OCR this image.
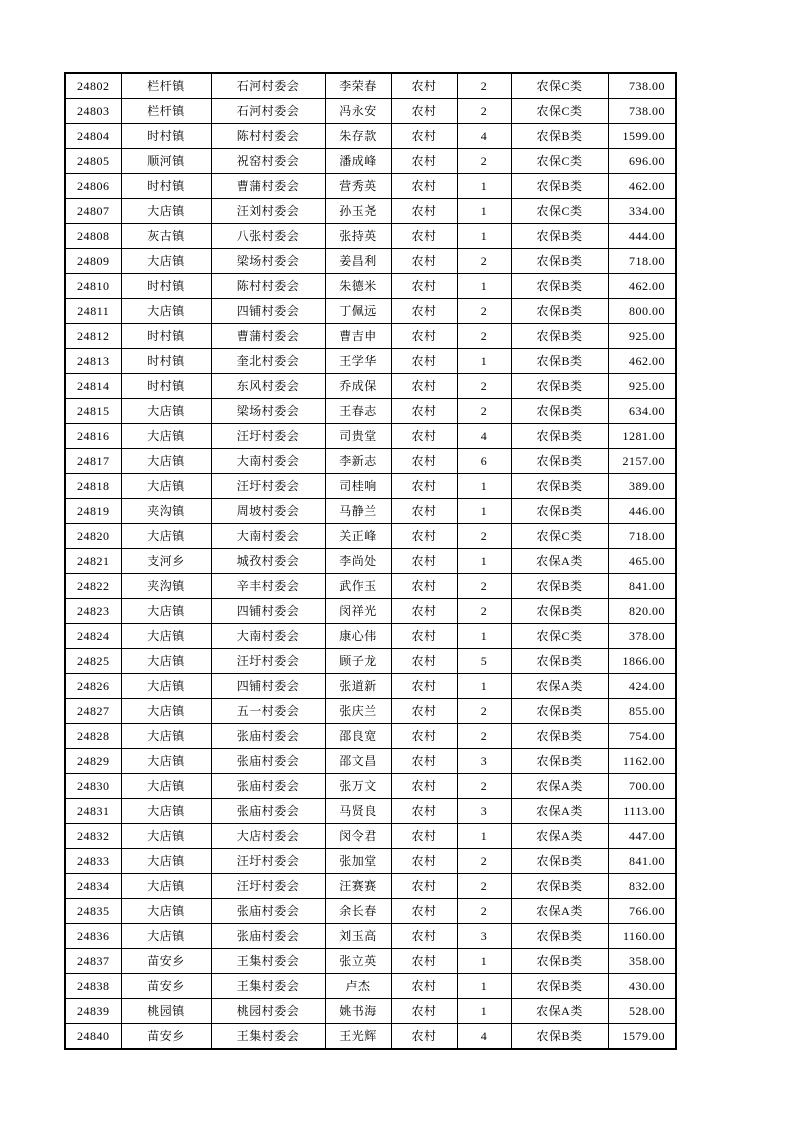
24802	栏杆镇	石河村委会	李荣春	农村	2	农保C类	738.00
24803	栏杆镇	石河村委会	冯永安	农村	2	农保C类	738.00
24804	时村镇	陈村村委会	朱存款	农村	4	农保B类	1599.00
24805	顺河镇	祝窑村委会	潘成峰	农村	2	农保C类	696.00
24806	时村镇	曹蒲村委会	营秀英	农村	1	农保B类	462.00
24807	大店镇	汪刘村委会	孙玉尧	农村	1	农保C类	334.00
24808	灰古镇	八张村委会	张持英	农村	1	农保B类	444.00
24809	大店镇	梁场村委会	姜昌利	农村	2	农保B类	718.00
24810	时村镇	陈村村委会	朱德米	农村	1	农保B类	462.00
24811	大店镇	四铺村委会	丁佩远	农村	2	农保B类	800.00
24812	时村镇	曹蒲村委会	曹吉申	农村	2	农保B类	925.00
24813	时村镇	奎北村委会	王学华	农村	1	农保B类	462.00
24814	时村镇	东风村委会	乔成保	农村	2	农保B类	925.00
24815	大店镇	梁场村委会	王春志	农村	2	农保B类	634.00
24816	大店镇	汪圩村委会	司贵堂	农村	4	农保B类	1281.00
24817	大店镇	大南村委会	李新志	农村	6	农保B类	2157.00
24818	大店镇	汪圩村委会	司桂响	农村	1	农保B类	389.00
24819	夹沟镇	周坡村委会	马静兰	农村	1	农保B类	446.00
24820	大店镇	大南村委会	关正峰	农村	2	农保C类	718.00
24821	支河乡	城孜村委会	李尚处	农村	1	农保A类	465.00
24822	夹沟镇	辛丰村委会	武作玉	农村	2	农保B类	841.00
24823	大店镇	四铺村委会	闵祥光	农村	2	农保B类	820.00
24824	大店镇	大南村委会	康心伟	农村	1	农保C类	378.00
24825	大店镇	汪圩村委会	顾子龙	农村	5	农保B类	1866.00
24826	大店镇	四铺村委会	张道新	农村	1	农保A类	424.00
24827	大店镇	五一村委会	张庆兰	农村	2	农保B类	855.00
24828	大店镇	张庙村委会	邵良宽	农村	2	农保B类	754.00
24829	大店镇	张庙村委会	邵文昌	农村	3	农保B类	1162.00
24830	大店镇	张庙村委会	张万文	农村	2	农保A类	700.00
24831	大店镇	张庙村委会	马贤良	农村	3	农保A类	1113.00
24832	大店镇	大店村委会	闵令君	农村	1	农保A类	447.00
24833	大店镇	汪圩村委会	张加堂	农村	2	农保B类	841.00
24834	大店镇	汪圩村委会	汪赛赛	农村	2	农保B类	832.00
24835	大店镇	张庙村委会	余长春	农村	2	农保A类	766.00
24836	大店镇	张庙村委会	刘玉高	农村	3	农保B类	1160.00
24837	苗安乡	王集村委会	张立英	农村	1	农保B类	358.00
24838	苗安乡	王集村委会	卢杰	农村	1	农保B类	430.00
24839	桃园镇	桃园村委会	姚书海	农村	1	农保A类	528.00
24840	苗安乡	王集村委会	王光辉	农村	4	农保B类	1579.00
